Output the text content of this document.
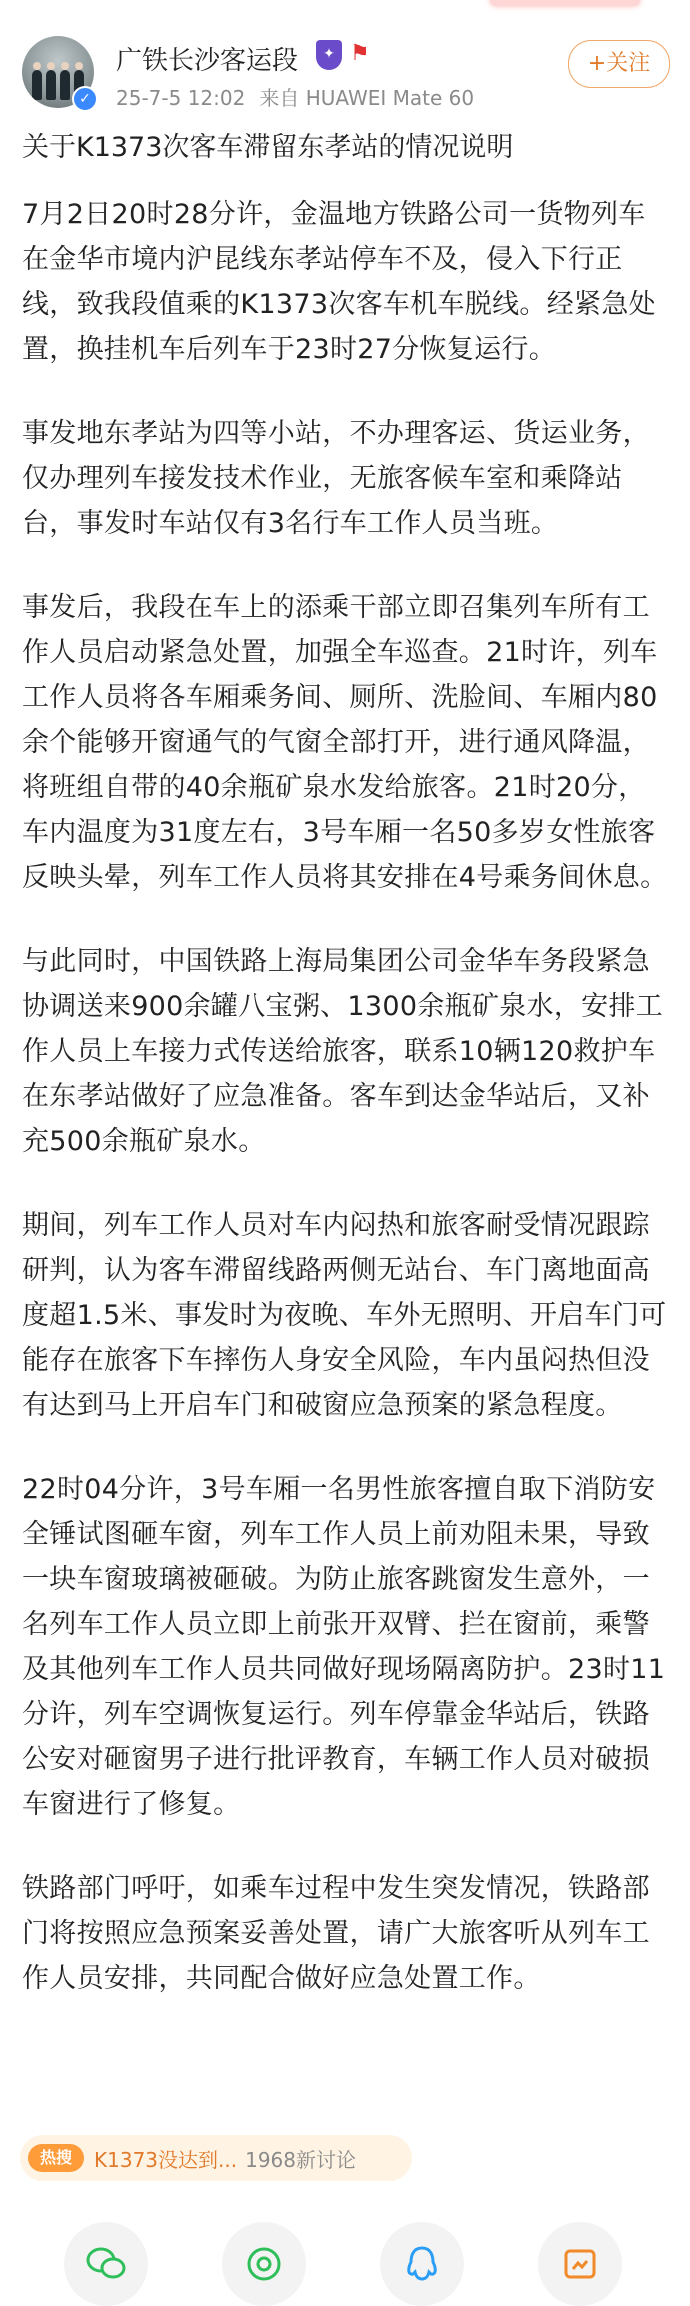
✓
广铁长沙客运段	✦ ⚑
25-7-5 12:02 来自 HUAWEI Mate 60
+关注
关于K1373次客车滞留东孝站的情况说明

7月2日20时28分许，金温地方铁路公司一货物列车在金华市境内沪昆线东孝站停车不及，侵入下行正线，致我段值乘的K1373次客车机车脱线。经紧急处置，换挂机车后列车于23时27分恢复运行。

事发地东孝站为四等小站，不办理客运、货运业务，仅办理列车接发技术作业，无旅客候车室和乘降站台，事发时车站仅有3名行车工作人员当班。

事发后，我段在车上的添乘干部立即召集列车所有工作人员启动紧急处置，加强全车巡查。21时许，列车工作人员将各车厢乘务间、厕所、洗脸间、车厢内80余个能够开窗通气的气窗全部打开，进行通风降温，将班组自带的40余瓶矿泉水发给旅客。21时20分，车内温度为31度左右，3号车厢一名50多岁女性旅客反映头晕，列车工作人员将其安排在4号乘务间休息。

与此同时，中国铁路上海局集团公司金华车务段紧急协调送来900余罐八宝粥、1300余瓶矿泉水，安排工作人员上车接力式传送给旅客，联系10辆120救护车在东孝站做好了应急准备。客车到达金华站后，又补充500余瓶矿泉水。

期间，列车工作人员对车内闷热和旅客耐受情况跟踪研判，认为客车滞留线路两侧无站台、车门离地面高度超1.5米、事发时为夜晚、车外无照明、开启车门可能存在旅客下车摔伤人身安全风险，车内虽闷热但没有达到马上开启车门和破窗应急预案的紧急程度。

22时04分许，3号车厢一名男性旅客擅自取下消防安全锤试图砸车窗，列车工作人员上前劝阻未果，导致一块车窗玻璃被砸破。为防止旅客跳窗发生意外，一名列车工作人员立即上前张开双臂、拦在窗前，乘警及其他列车工作人员共同做好现场隔离防护。23时11分许，列车空调恢复运行。列车停靠金华站后，铁路公安对砸窗男子进行批评教育，车辆工作人员对破损车窗进行了修复。

铁路部门呼吁，如乘车过程中发生突发情况，铁路部门将按照应急预案妥善处置，请广大旅客听从列车工作人员安排，共同配合做好应急处置工作。

热搜	K1373没达到... 1968新讨论
